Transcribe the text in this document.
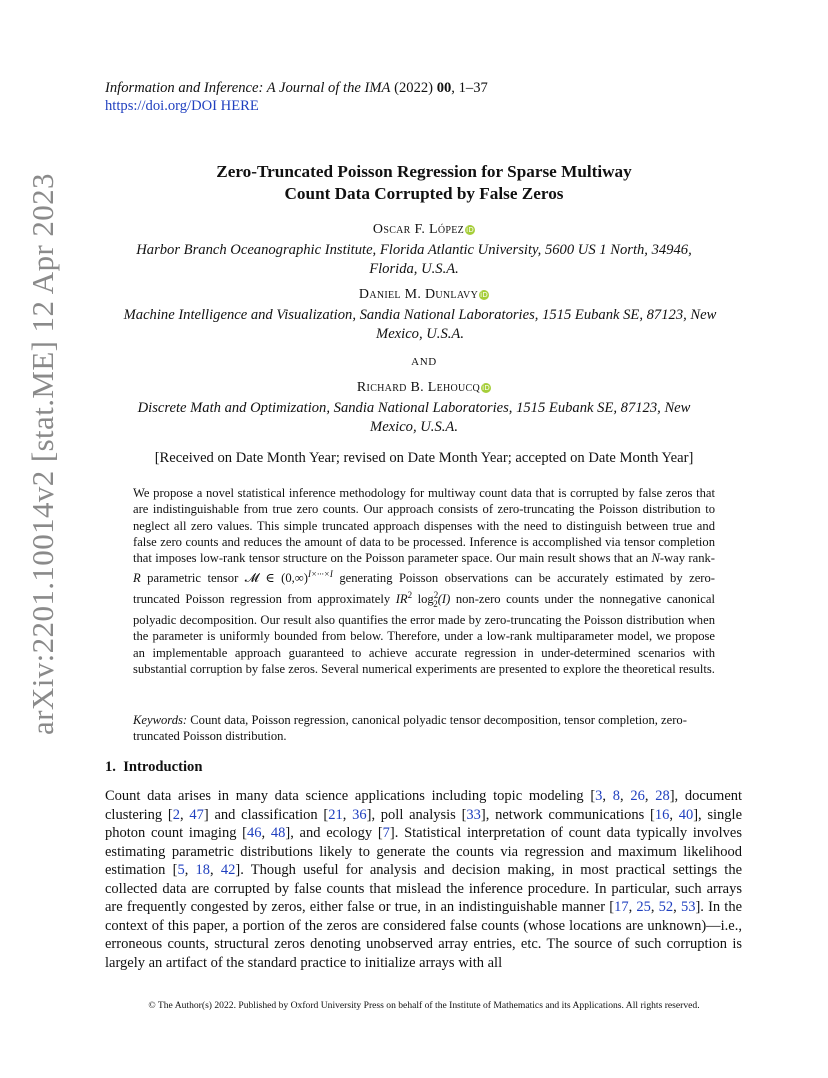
arXiv:2201.10014v2 [stat.ME] 12 Apr 2023
Information and Inference: A Journal of the IMA (2022) 00, 1–37
https://doi.org/DOI HERE
Zero-Truncated Poisson Regression for Sparse Multiway
Count Data Corrupted by False Zeros
Oscar F. López iD
Harbor Branch Oceanographic Institute, Florida Atlantic University, 5600 US 1 North, 34946,
Florida, U.S.A.
Daniel M. Dunlavy iD
Machine Intelligence and Visualization, Sandia National Laboratories, 1515 Eubank SE, 87123, New
Mexico, U.S.A.
AND
Richard B. Lehoucq iD
Discrete Math and Optimization, Sandia National Laboratories, 1515 Eubank SE, 87123, New
Mexico, U.S.A.
[Received on Date Month Year; revised on Date Month Year; accepted on Date Month Year]

We propose a novel statistical inference methodology for multiway count data that is corrupted by false zeros that are indistinguishable from true zero counts. Our approach consists of zero-truncating the Poisson distribution to neglect all zero values. This simple truncated approach dispenses with the need to distinguish between true and false zero counts and reduces the amount of data to be processed. Inference is accomplished via tensor completion that imposes low-rank tensor structure on the Poisson parameter space. Our main result shows that an N-way rank-R parametric tensor 𝓜 ∈ $(0,\infty)^{I\times\cdot\cdot\cdot\times I}$ generating Poisson observations can be accurately estimated by zero-truncated Poisson regression from approximately $IR^2$ $\log^2_2(I)$ non-zero counts under the nonnegative canonical polyadic decomposition. Our result also quantifies the error made by zero-truncating the Poisson distribution when the parameter is uniformly bounded from below. Therefore, under a low-rank multiparameter model, we propose an implementable approach guaranteed to achieve accurate regression in under-determined scenarios with substantial corruption by false zeros. Several numerical experiments are presented to explore the theoretical results.

Keywords: Count data, Poisson regression, canonical polyadic tensor decomposition, tensor completion, zero-truncated Poisson distribution.
1. Introduction

Count data arises in many data science applications including topic modeling [3, 8, 26, 28], document clustering [2, 47] and classification [21, 36], poll analysis [33], network communications [16, 40], single photon count imaging [46, 48], and ecology [7]. Statistical interpretation of count data typically involves estimating parametric distributions likely to generate the counts via regression and maximum likelihood estimation [5, 18, 42]. Though useful for analysis and decision making, in most practical settings the collected data are corrupted by false counts that mislead the inference procedure. In particular, such arrays are frequently congested by zeros, either false or true, in an indistinguishable manner [17, 25, 52, 53]. In the context of this paper, a portion of the zeros are considered false counts (whose locations are unknown)—i.e., erroneous counts, structural zeros denoting unobserved array entries, etc. The source of such corruption is largely an artifact of the standard practice to initialize arrays with all

© The Author(s) 2022. Published by Oxford University Press on behalf of the Institute of Mathematics and its Applications. All rights reserved.
